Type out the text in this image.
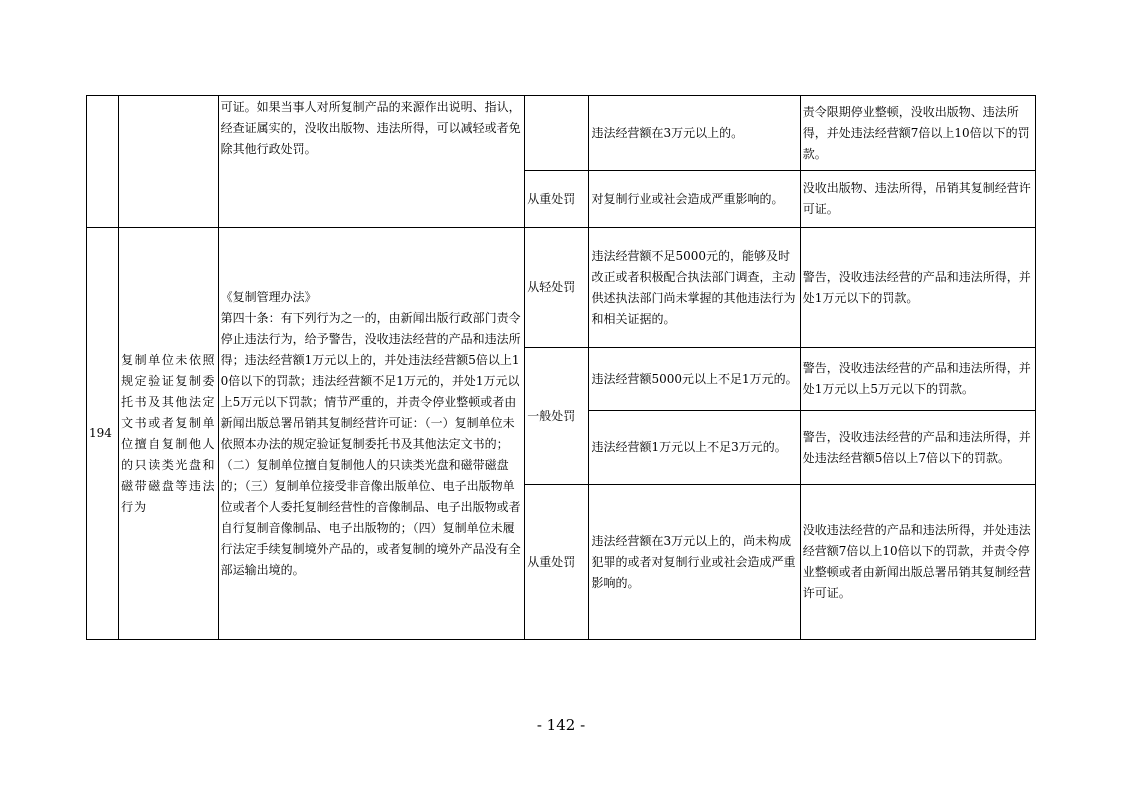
		可证。如果当事人对所复制产品的来源作出说明、指认，经查证属实的，没收出版物、违法所得，可以减轻或者免除其他行政处罚。		违法经营额在3万元以上的。	责令限期停业整顿，没收出版物、违法所得，并处违法经营额7倍以上10倍以下的罚款。
			从重处罚	对复制行业或社会造成严重影响的。	没收出版物、违法所得，吊销其复制经营许可证。
194	复制单位未依照规定验证复制委托书及其他法定文书或者复制单位擅自复制他人的只读类光盘和磁带磁盘等违法行为	《复制管理办法》
第四十条：有下列行为之一的，由新闻出版行政部门责令停止违法行为，给予警告，没收违法经营的产品和违法所得；违法经营额1万元以上的，并处违法经营额5倍以上10倍以下的罚款；违法经营额不足1万元的，并处1万元以上5万元以下罚款；情节严重的，并责令停业整顿或者由新闻出版总署吊销其复制经营许可证：（一）复制单位未依照本办法的规定验证复制委托书及其他法定文书的；（二）复制单位擅自复制他人的只读类光盘和磁带磁盘的；（三）复制单位接受非音像出版单位、电子出版物单位或者个人委托复制经营性的音像制品、电子出版物或者自行复制音像制品、电子出版物的；（四）复制单位未履行法定手续复制境外产品的，或者复制的境外产品没有全部运输出境的。	从轻处罚	违法经营额不足5000元的，能够及时改正或者积极配合执法部门调查，主动供述执法部门尚未掌握的其他违法行为和相关证据的。	警告，没收违法经营的产品和违法所得，并处1万元以下的罚款。
			一般处罚	违法经营额5000元以上不足1万元的。	警告，没收违法经营的产品和违法所得，并处1万元以上5万元以下的罚款。
				违法经营额1万元以上不足3万元的。	警告，没收违法经营的产品和违法所得，并处违法经营额5倍以上7倍以下的罚款。
			从重处罚	违法经营额在3万元以上的，尚未构成犯罪的或者对复制行业或社会造成严重影响的。	没收违法经营的产品和违法所得，并处违法经营额7倍以上10倍以下的罚款，并责令停业整顿或者由新闻出版总署吊销其复制经营许可证。
- 142 -
